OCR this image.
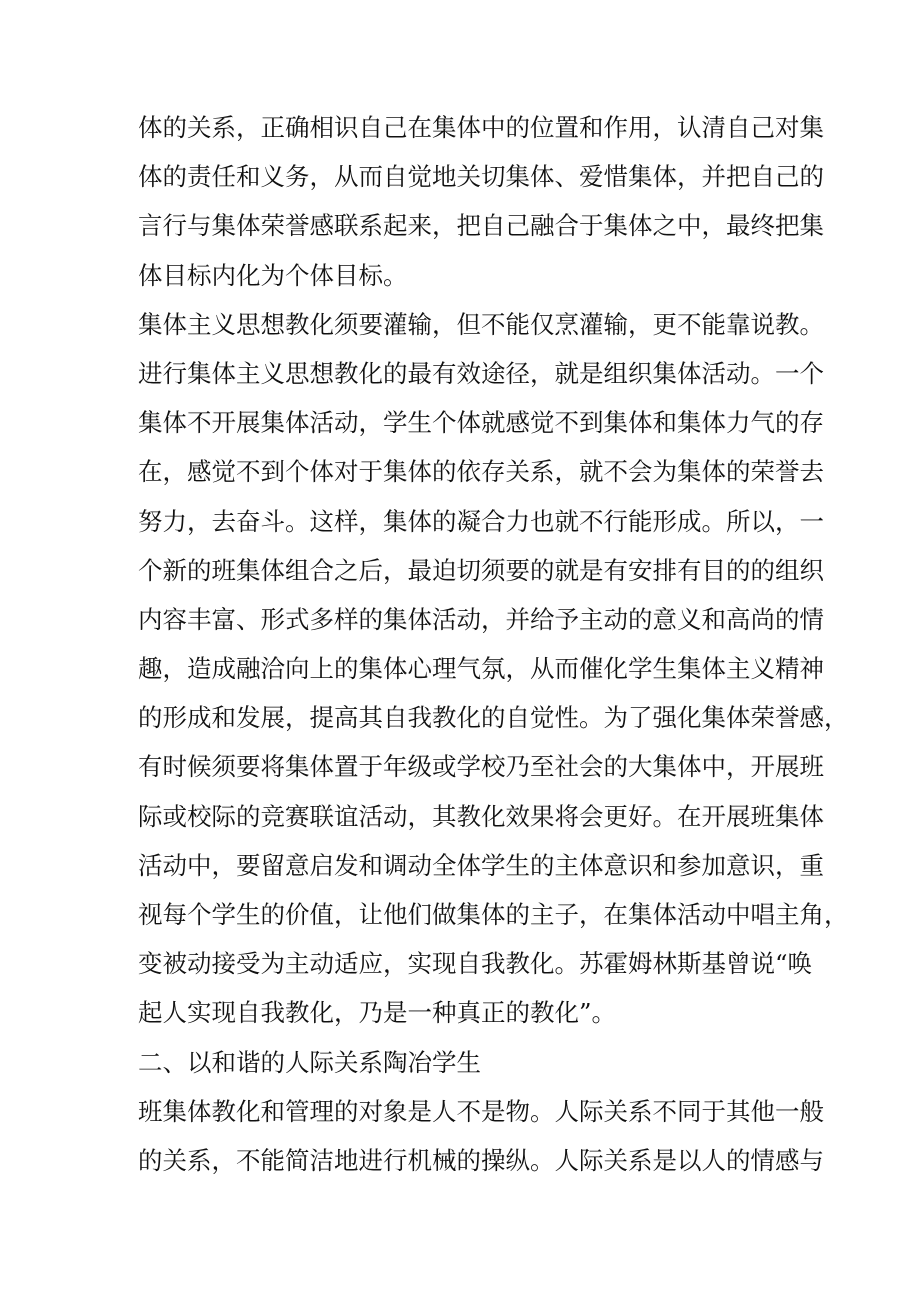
体的关系，正确相识自己在集体中的位置和作用，认清自己对集
体的责任和义务，从而自觉地关切集体、爱惜集体，并把自己的
言行与集体荣誉感联系起来，把自己融合于集体之中，最终把集
体目标内化为个体目标。
集体主义思想教化须要灌输，但不能仅烹灌输，更不能靠说教。
进行集体主义思想教化的最有效途径，就是组织集体活动。一个
集体不开展集体活动，学生个体就感觉不到集体和集体力气的存
在，感觉不到个体对于集体的依存关系，就不会为集体的荣誉去
努力，去奋斗。这样，集体的凝合力也就不行能形成。所以，一
个新的班集体组合之后，最迫切须要的就是有安排有目的的组织
内容丰富、形式多样的集体活动，并给予主动的意义和高尚的情
趣，造成融洽向上的集体心理气氛，从而催化学生集体主义精神
的形成和发展，提高其自我教化的自觉性。为了强化集体荣誉感，
有时候须要将集体置于年级或学校乃至社会的大集体中，开展班
际或校际的竞赛联谊活动，其教化效果将会更好。在开展班集体
活动中，要留意启发和调动全体学生的主体意识和参加意识，重
视每个学生的价值，让他们做集体的主子，在集体活动中唱主角，
变被动接受为主动适应，实现自我教化。苏霍姆林斯基曾说“唤
起人实现自我教化，乃是一种真正的教化”。
二、以和谐的人际关系陶冶学生
班集体教化和管理的对象是人不是物。人际关系不同于其他一般
的关系，不能简洁地进行机械的操纵。人际关系是以人的情感与
